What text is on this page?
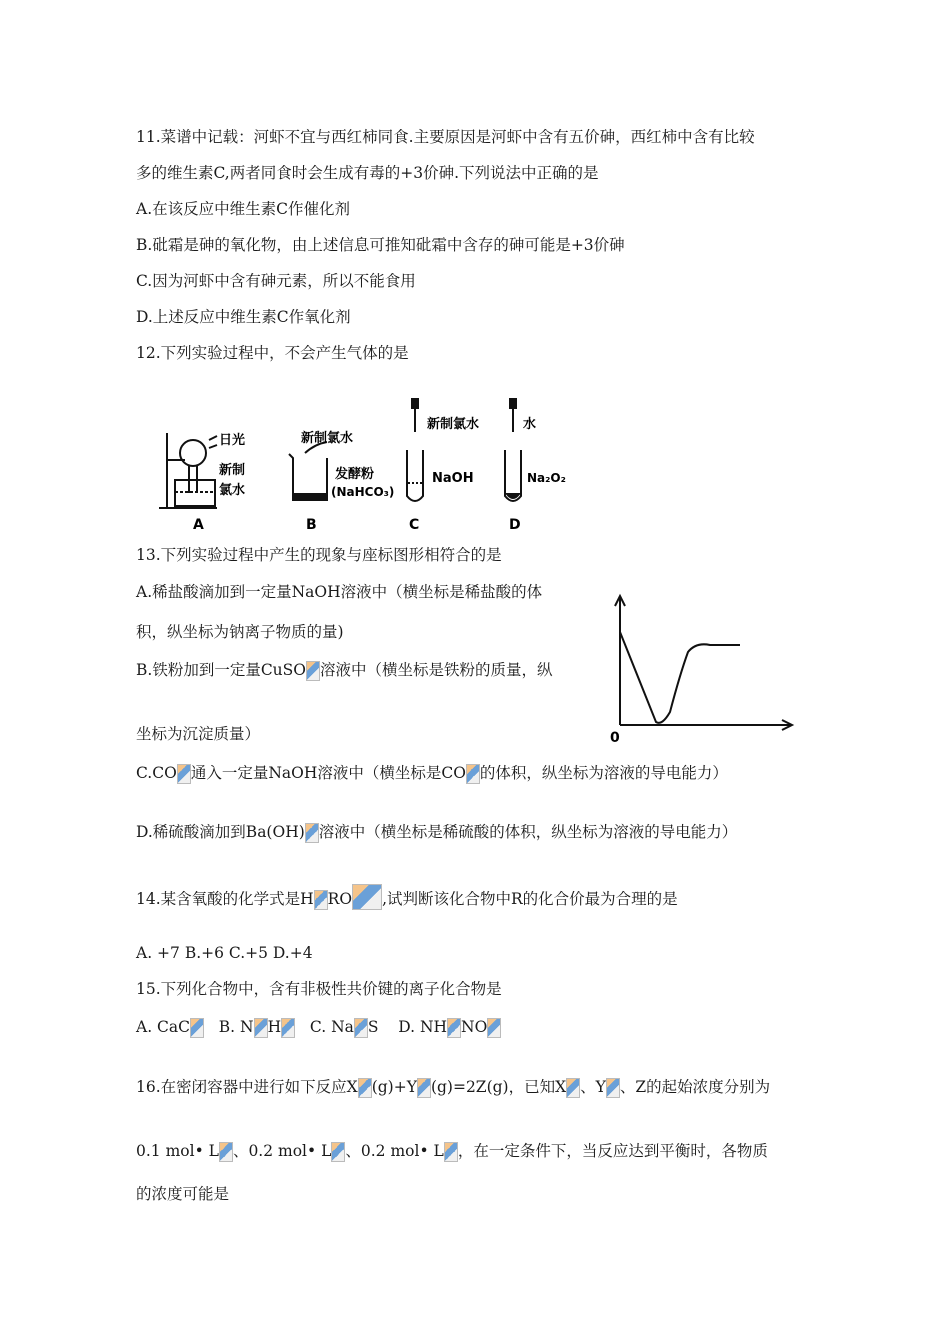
11.菜谱中记载：河虾不宜与西红柿同食.主要原因是河虾中含有五价砷，西红柿中含有比较
多的维生素C,两者同食时会生成有毒的+3价砷.下列说法中正确的是
A.在该反应中维生素C作催化剂
B.砒霜是砷的氧化物，由上述信息可推知砒霜中含存的砷可能是+3价砷
C.因为河虾中含有砷元素，所以不能食用
D.上述反应中维生素C作氧化剂
12.下列实验过程中，不会产生气体的是
日光
新制
氯水
新制氯水
发酵粉
(NaHCO₃)
新制氯水
NaOH
水
Na₂O₂
A	B	C	D
13.下列实验过程中产生的现象与座标图形相符合的是
A.稀盐酸滴加到一定量NaOH溶液中（横坐标是稀盐酸的体
积，纵坐标为钠离子物质的量)
B.铁粉加到一定量CuSO 溶液中（横坐标是铁粉的质量，纵
坐标为沉淀质量）
C.CO 通入一定量NaOH溶液中（横坐标是CO 的体积，纵坐标为溶液的导电能力）
D.稀硫酸滴加到Ba(OH) 溶液中（横坐标是稀硫酸的体积，纵坐标为溶液的导电能力）
0
14.某含氧酸的化学式是H RO ,试判断该化合物中R的化合价最为合理的是
A. +7 B.+6 C.+5 D.+4
15.下列化合物中，含有非极性共价键的离子化合物是
A. CaC B. N H C. Na S D. NH NO
16.在密闭容器中进行如下反应X (g)+Y (g)=2Z(g)，已知X 、Y 、Z的起始浓度分别为
0.1 mol• L 、0.2 mol• L 、0.2 mol• L ，在一定条件下，当反应达到平衡时，各物质
的浓度可能是
